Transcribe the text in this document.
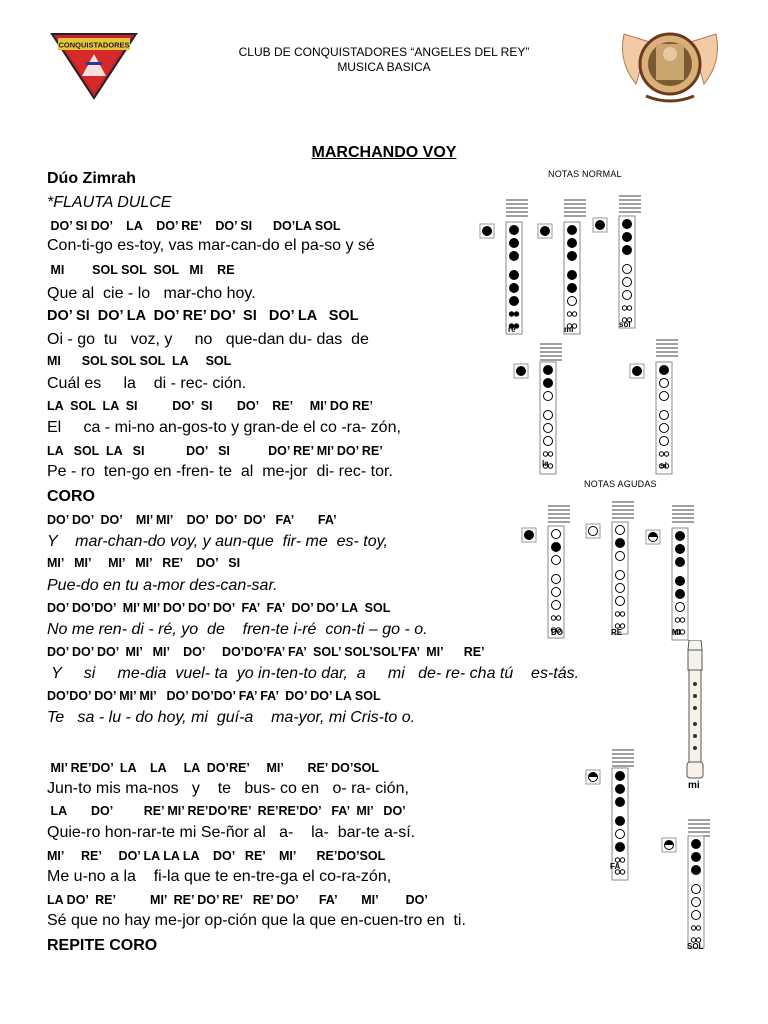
CONQUISTADORES
CLUB
CLUB DE CONQUISTADORES “ANGELES DEL REY”
MUSICA BASICA
MARCHANDO VOY
Dúo Zimrah
*FLAUTA DULCE
DO’ SI DO’    LA    DO’ RE’    DO’ SI      DO’LA SOL
Con-ti-go es-toy, vas mar-can-do el pa-so y sé
MI        SOL SOL  SOL   MI    RE
Que al  cie - lo   mar-cho hoy.
DO’ SI  DO’ LA  DO’ RE’ DO’  SI   DO’ LA   SOL
Oi - go  tu   voz, y     no   que-dan du- das  de
MI      SOL SOL SOL  LA     SOL
Cuál es     la    di - rec- ción.
LA  SOL  LA  SI          DO’  SI       DO’    RE’     MI’ DO RE’
El     ca - mi-no an-gos-to y gran-de el co -ra- zón,
LA   SOL  LA   SI            DO’   SI           DO’ RE’ MI’ DO’ RE’
Pe - ro  ten-go en -fren- te  al  me-jor  di- rec- tor.
CORO
DO’ DO’  DO’    MI’ MI’    DO’  DO’  DO’   FA’       FA’
Y    mar-chan-do voy, y aun-que  fir- me  es- toy,
MI’   MI’     MI’   MI’   RE’    DO’   SI
Pue-do en tu a-mor des-can-sar.
DO’ DO’DO’  MI’ MI’ DO’ DO’ DO’  FA’  FA’  DO’ DO’ LA  SOL
No me ren- di - ré, yo  de    fren-te i-ré  con-ti – go - o.
DO’ DO’ DO’  MI’   MI’    DO’     DO’DO’FA’ FA’  SOL’ SOL’SOL’FA’  MI’      RE’
Y     si     me-dia  vuel- ta  yo in-ten-to dar,  a     mi   de- re- cha tú    es-tás.
DO’DO’ DO’ MI’ MI’   DO’ DO’DO’ FA’ FA’  DO’ DO’ LA SOL
Te   sa - lu - do hoy, mi  guí-a    ma-yor, mi Cris-to o.
MI’ RE’DO’  LA    LA     LA  DO’RE’     MI’       RE’ DO’SOL
Jun-to mis ma-nos   y    te   bus- co en   o- ra- ción,
LA       DO’         RE’ MI’ RE’DO’RE’  RE’RE’DO’   FA’  MI’   DO’
Quie-ro hon-rar-te mi Se-ñor al   a-    la-  bar-te a-sí.
MI’     RE’     DO’ LA LA LA    DO’   RE’    MI’      RE’DO’SOL
Me u-no a la    fi-la que te en-tre-ga el co-ra-zón,
LA DO’  RE’          MI’  RE’ DO’ RE’   RE’ DO’      FA’       MI’        DO’
Sé que no hay me-jor op-ción que la que en-cuen-tro en  ti.
REPITE CORO
NOTAS NORMAL
NOTAS AGUDAS
re	mi
sol
la	si
DO	RE	MI
mi
FA
SOL
